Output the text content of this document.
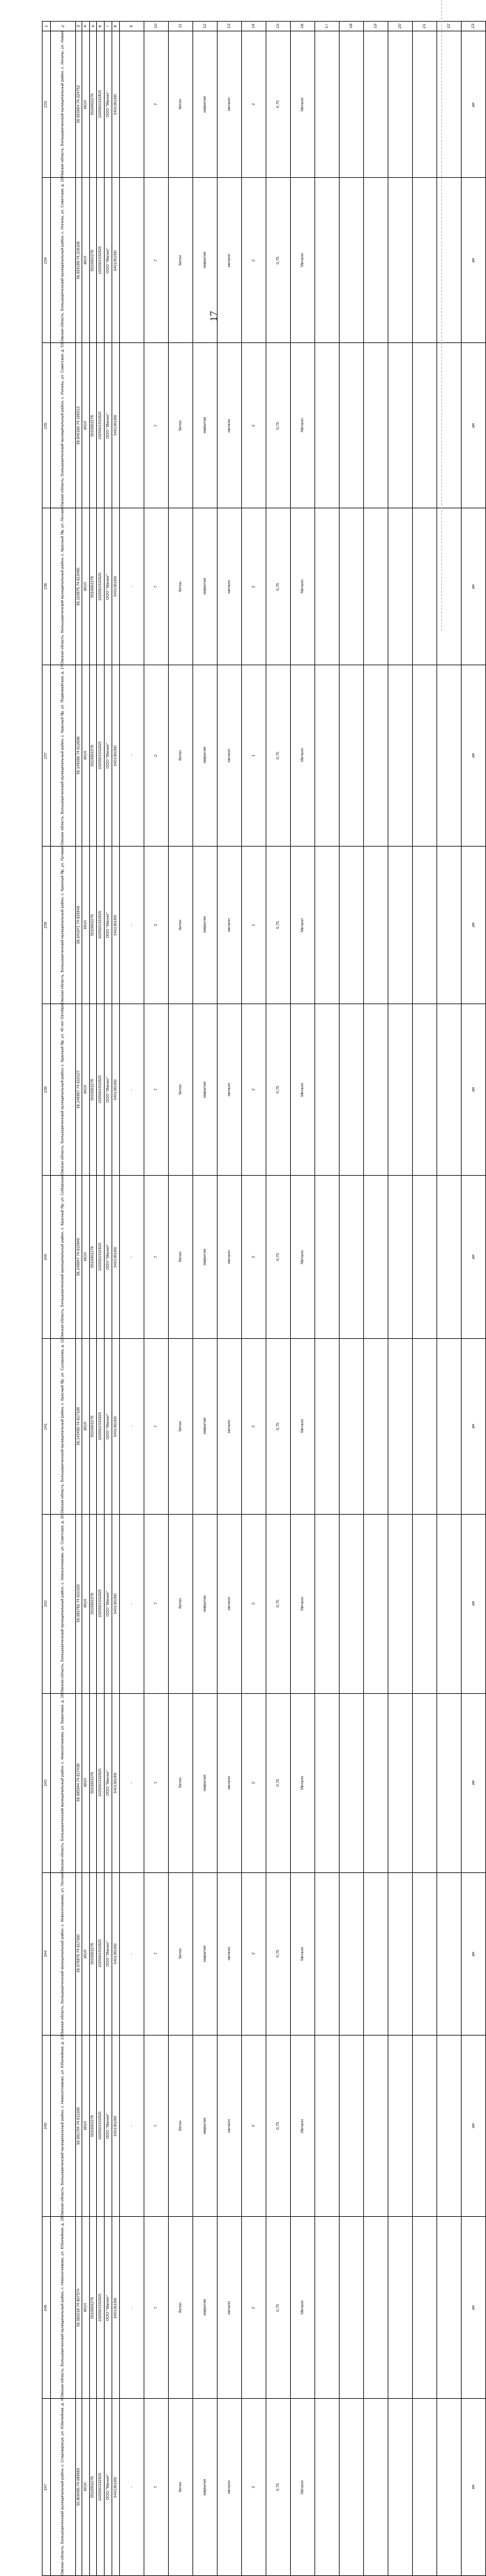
17
1	2	3	4	5	6	7	8	9	10	11	12	13	14	15	16	17	18	19	20	21	22	23

233	Омская область, Большереченский муниципальный район, с. Ингалы, ул. Новая	56.653904 74.224752	КЮЛ	5510002276	1025501532825	ООО "Магнит"	54013618I0		7	бетон	закрытая	металл	2	0,75	Металл							да

234	Омская область, Большереченский муниципальный район, с. Ингалы, ул. Советская, д. 10	56.659189 74.218106	КЮЛ	5510002276	1025501532825	ООО "Магнит"	54013618I0		7	бетон	закрытая	металл	2	0,75	Металл							да

235	Омская область, Большереченский муниципальный район, с. Ингалы, ул. Советская, д. 53	56.645160 74.199313	КЮЛ	5510002276	1025501532825	ООО "Магнит"	54013618I0		7	бетон	закрытая	металл	2	0,75	Металл							да

236	Омская область, Большереченский муниципальный район, с. Красный Яр, ул. Лесная	56.153875 74.613485	КЮЛ	5510002276	1025501532825	ООО "Магнит"	54013618I0	-	7	бетон	закрытая	металл	2	0,75	Металл							да

237	Омская область, Большереченский муниципальный район, с. Красный Яр, ул. Первомайская, д. 17	56.149390 74.612696	КЮЛ	5510002276	1025501532825	ООО "Магнит"	54013618I0	-	2	бетон	закрытая	металл	1	0,75	Металл							да

238	Омская область, Большереченский муниципальный район, с. Красный Яр, ул. Луговая	56.541971 74.625646	КЮЛ	5510002276	1025501532825	ООО "Магнит"	54013618I0	-	3	бетон	закрытая	металл	1	0,75	Металл							да

239	Омская область, Большереченский муниципальный район, с. Красный Яр, ул. 40 лет Октября	56.146967 74.610127	КЮЛ	5510002276	1025501532825	ООО "Магнит"	54013618I0	-	7	бетон	закрытая	металл	2	0,75	Металл							да

240	Омская область, Большереченский муниципальный район, с. Красный Яр, ул. Сибирская	56.149947 74.610940	КЮЛ	5510002276	1025501532825	ООО "Магнит"	54013618I0	-	7	бетон	закрытая	металл	2	0,75	Металл							да

241	Омская область, Большереченский муниципальный район, с. Красный Яр, ул. Сухорукова, д. 11	56.143480 74.617108	КЮЛ	5510002276	1025501532825	ООО "Магнит"	54013618I0	-	7	бетон	закрытая	металл	2	0,75	Металл							да

242	Омская область, Большереченский муниципальный район, с. Новоситниково, ул. Советская, д. 20	56.582782 74.610193	КЮЛ	5510002276	1025501532825	ООО "Магнит"	54013618I0	-	7	бетон	закрытая	металл	2	0,75	Металл							да

243	Омская область, Большереченский муниципальный район, с. Новоситниково, ул. Береговая, д. 18	56.585944 74.617439	КЮЛ	5510002276	1025501532825	ООО "Магнит"	54013618I0	-	7	бетон	закрытая	металл	2	0,75	Металл							да

244	Омская область, Большереченский муниципальный район, с. Новоситниково, ул. Лесная	56.576876 74.617160	КЮЛ	5510002276	1025501532825	ООО "Магнит"	54013618I0	-	7	бетон	закрытая	металл	2	0,75	Металл							да

245	Омская область, Большереченский муниципальный район, с. Новоситниково, ул. Юбилейная, д. 13	56.581704 74.611168	КЮЛ	5510002276	1025501532825	ООО "Магнит"	54013618I0	-	7	бетон	закрытая	металл	2	0,75	Металл							да

246	Омская область, Большереченский муниципальный район, с. Новоситниково, ул. Юбилейная, д. 18	56.582218 74.607374	КЮЛ	5510002276	1025501532825	ООО "Магнит"	54013618I0	-	7	бетон	закрытая	металл	2	0,75	Металл							да

247	Омская область, Большереченский муниципальный район, с. Старокарасук, ул. Юбилейная, д. 4	55.809485 74.089565	КЮЛ	5510002276	1025501532825	ООО "Магнит"	54013618I0	-	7	бетон	закрытая	металл	2	0,75	Металл							да
